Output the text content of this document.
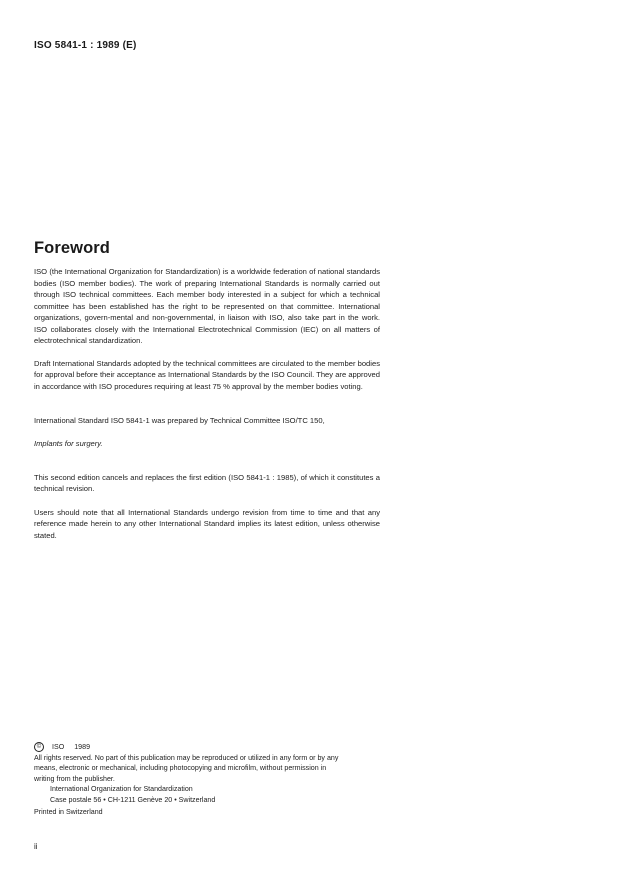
ISO 5841-1 : 1989 (E)
Foreword

ISO (the International Organization for Standardization) is a worldwide federation of national standards bodies (ISO member bodies). The work of preparing International Standards is normally carried out through ISO technical committees. Each member body interested in a subject for which a technical committee has been established has the right to be represented on that committee. International organizations, govern-mental and non-governmental, in liaison with ISO, also take part in the work. ISO collaborates closely with the International Electrotechnical Commission (IEC) on all matters of electrotechnical standardization.

Draft International Standards adopted by the technical committees are circulated to the member bodies for approval before their acceptance as International Standards by the ISO Council. They are approved in accordance with ISO procedures requiring at least 75 % approval by the member bodies voting.

International Standard ISO 5841-1 was prepared by Technical Committee ISO/TC 150,

Implants for surgery.

This second edition cancels and replaces the first edition (ISO 5841-1 : 1985), of which it constitutes a technical revision.

Users should note that all International Standards undergo revision from time to time and that any reference made herein to any other International Standard implies its latest edition, unless otherwise stated.

©	ISO 1989
All rights reserved. No part of this publication may be reproduced or utilized in any form or by any
means, electronic or mechanical, including photocopying and microfilm, without permission in
writing from the publisher.
International Organization for Standardization
Case postale 56 • CH-1211 Genève 20 • Switzerland
Printed in Switzerland
ii
